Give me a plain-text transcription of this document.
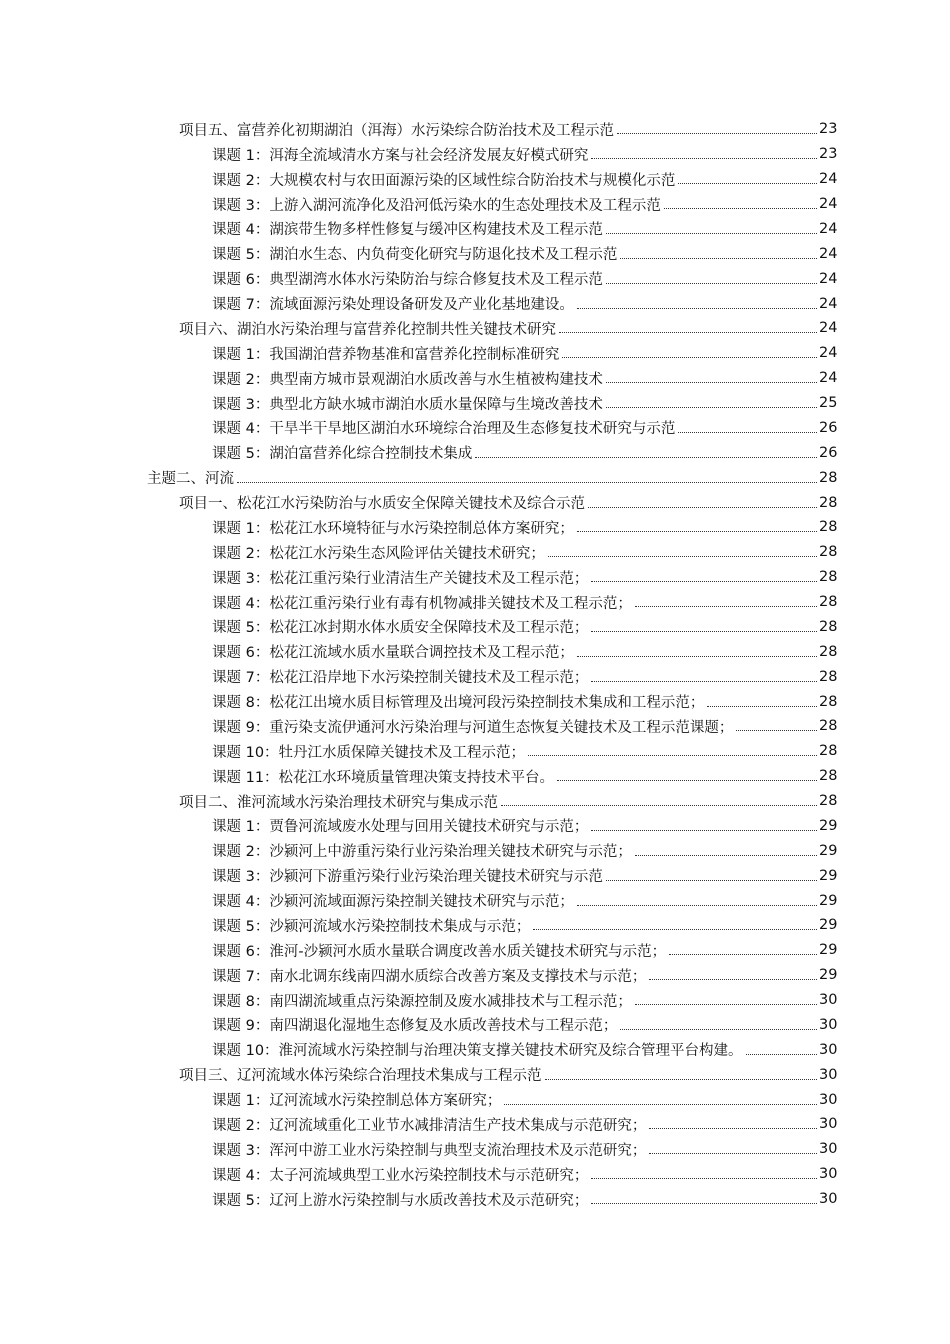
项目五、富营养化初期湖泊（洱海）水污染综合防治技术及工程示范	23
课题 1：洱海全流域清水方案与社会经济发展友好模式研究	23
课题 2：大规模农村与农田面源污染的区域性综合防治技术与规模化示范	24
课题 3：上游入湖河流净化及沿河低污染水的生态处理技术及工程示范	24
课题 4：湖滨带生物多样性修复与缓冲区构建技术及工程示范	24
课题 5：湖泊水生态、内负荷变化研究与防退化技术及工程示范	24
课题 6：典型湖湾水体水污染防治与综合修复技术及工程示范	24
课题 7：流域面源污染处理设备研发及产业化基地建设。	24
项目六、湖泊水污染治理与富营养化控制共性关键技术研究	24
课题 1：我国湖泊营养物基准和富营养化控制标准研究	24
课题 2：典型南方城市景观湖泊水质改善与水生植被构建技术	24
课题 3：典型北方缺水城市湖泊水质水量保障与生境改善技术	25
课题 4：干旱半干旱地区湖泊水环境综合治理及生态修复技术研究与示范	26
课题 5：湖泊富营养化综合控制技术集成	26
主题二、河流	28
项目一、松花江水污染防治与水质安全保障关键技术及综合示范	28
课题 1：松花江水环境特征与水污染控制总体方案研究；	28
课题 2：松花江水污染生态风险评估关键技术研究；	28
课题 3：松花江重污染行业清洁生产关键技术及工程示范；	28
课题 4：松花江重污染行业有毒有机物减排关键技术及工程示范；	28
课题 5：松花江冰封期水体水质安全保障技术及工程示范；	28
课题 6：松花江流域水质水量联合调控技术及工程示范；	28
课题 7：松花江沿岸地下水污染控制关键技术及工程示范；	28
课题 8：松花江出境水质目标管理及出境河段污染控制技术集成和工程示范；	28
课题 9：重污染支流伊通河水污染治理与河道生态恢复关键技术及工程示范课题；	28
课题 10：牡丹江水质保障关键技术及工程示范；	28
课题 11：松花江水环境质量管理决策支持技术平台。	28
项目二、淮河流域水污染治理技术研究与集成示范	28
课题 1：贾鲁河流域废水处理与回用关键技术研究与示范；	29
课题 2：沙颍河上中游重污染行业污染治理关键技术研究与示范；	29
课题 3：沙颍河下游重污染行业污染治理关键技术研究与示范	29
课题 4：沙颍河流域面源污染控制关键技术研究与示范；	29
课题 5：沙颍河流域水污染控制技术集成与示范；	29
课题 6：淮河-沙颍河水质水量联合调度改善水质关键技术研究与示范；	29
课题 7：南水北调东线南四湖水质综合改善方案及支撑技术与示范；	29
课题 8：南四湖流域重点污染源控制及废水减排技术与工程示范；	30
课题 9：南四湖退化湿地生态修复及水质改善技术与工程示范；	30
课题 10：淮河流域水污染控制与治理决策支撑关键技术研究及综合管理平台构建。	30
项目三、辽河流域水体污染综合治理技术集成与工程示范	30
课题 1：辽河流域水污染控制总体方案研究；	30
课题 2：辽河流域重化工业节水减排清洁生产技术集成与示范研究；	30
课题 3：浑河中游工业水污染控制与典型支流治理技术及示范研究；	30
课题 4：太子河流域典型工业水污染控制技术与示范研究；	30
课题 5：辽河上游水污染控制与水质改善技术及示范研究；	30
